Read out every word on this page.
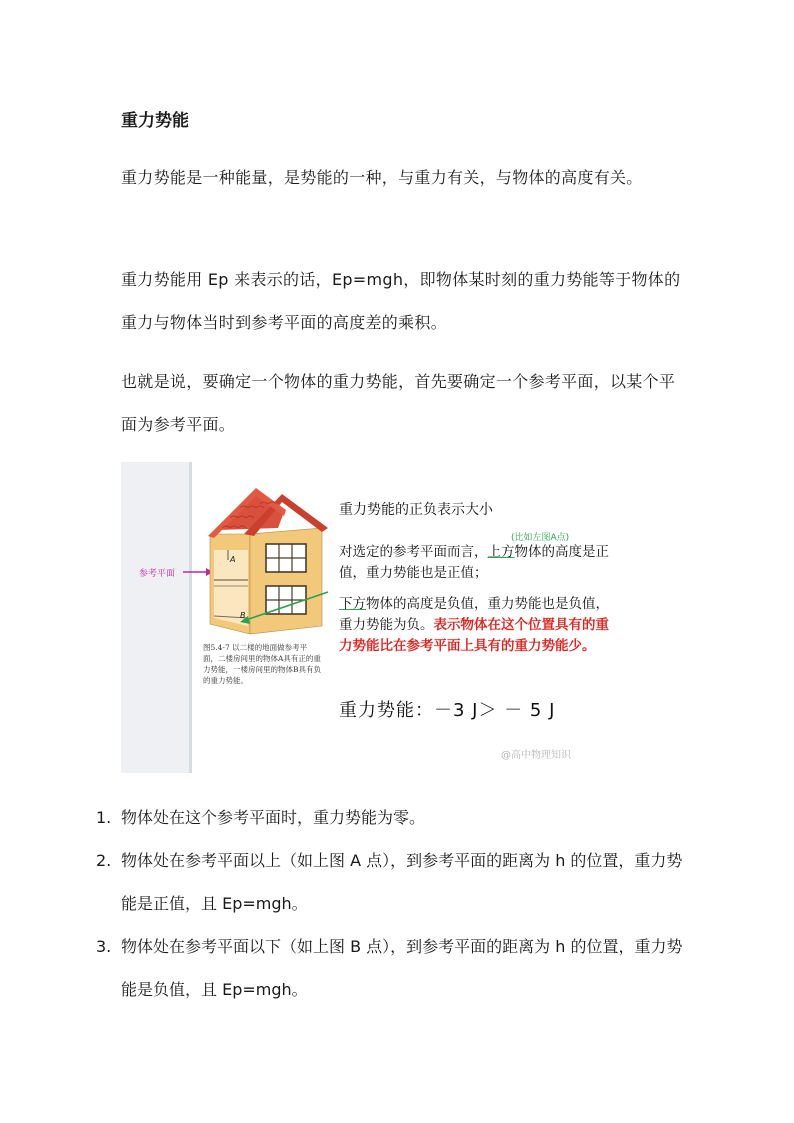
重力势能
重力势能是一种能量，是势能的一种，与重力有关，与物体的高度有关。
重力势能用 Ep 来表示的话，Ep=mgh，即物体某时刻的重力势能等于物体的重力与物体当时到参考平面的高度差的乘积。
也就是说，要确定一个物体的重力势能，首先要确定一个参考平面，以某个平面为参考平面。
参考平面
A
B
图5.4-7 以二楼的地面做参考平面，二楼房间里的物体A具有正的重力势能，一楼房间里的物体B具有负的重力势能。
重力势能的正负表示大小
(比如左图A点)
对选定的参考平面而言，上方物体的高度是正值，重力势能也是正值；
下方物体的高度是负值，重力势能也是负值，重力势能为负。表示物体在这个位置具有的重力势能比在参考平面上具有的重力势能少。
重力势能：－3 J＞ － 5 J
@高中物理知识
1. 物体处在这个参考平面时，重力势能为零。
2. 物体处在参考平面以上（如上图 A 点），到参考平面的距离为 h 的位置，重力势能是正值，且 Ep=mgh。
3. 物体处在参考平面以下（如上图 B 点），到参考平面的距离为 h 的位置，重力势能是负值，且 Ep=mgh。
